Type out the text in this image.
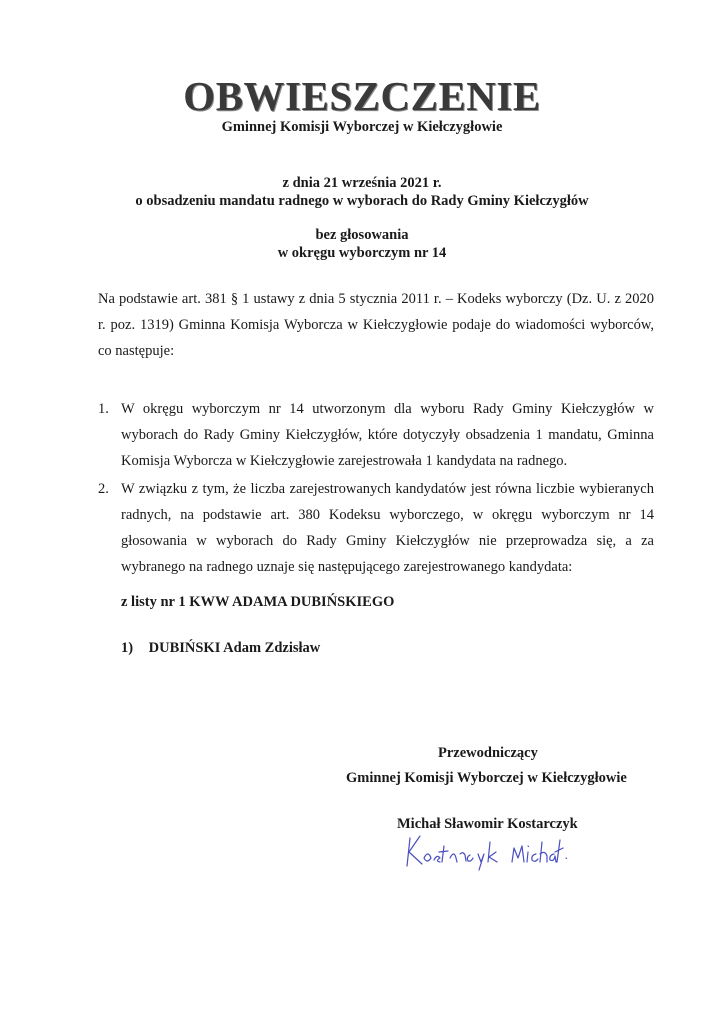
OBWIESZCZENIE
Gminnej Komisji Wyborczej w Kiełczygłowie
z dnia 21 września 2021 r.
o obsadzeniu mandatu radnego w wyborach do Rady Gminy Kiełczygłów
bez głosowania
w okręgu wyborczym nr 14
Na podstawie art. 381 § 1 ustawy z dnia 5 stycznia 2011 r. – Kodeks wyborczy (Dz. U. z 2020 r. poz. 1319) Gminna Komisja Wyborcza w Kiełczygłowie podaje do wiadomości wyborców, co następuje:
1. W okręgu wyborczym nr 14 utworzonym dla wyboru Rady Gminy Kiełczygłów w wyborach do Rady Gminy Kiełczygłów, które dotyczyły obsadzenia 1 mandatu, Gminna Komisja Wyborcza w Kiełczygłowie zarejestrowała 1 kandydata na radnego.
2. W związku z tym, że liczba zarejestrowanych kandydatów jest równa liczbie wybieranych radnych, na podstawie art. 380 Kodeksu wyborczego, w okręgu wyborczym nr 14 głosowania w wyborach do Rady Gminy Kiełczygłów nie przeprowadza się, a za wybranego na radnego uznaje się następującego zarejestrowanego kandydata:
z listy nr 1 KWW ADAMA DUBIŃSKIEGO
1) DUBIŃSKI Adam Zdzisław
Przewodniczący
Gminnej Komisji Wyborczej w Kiełczygłowie
Michał Sławomir Kostarczyk
